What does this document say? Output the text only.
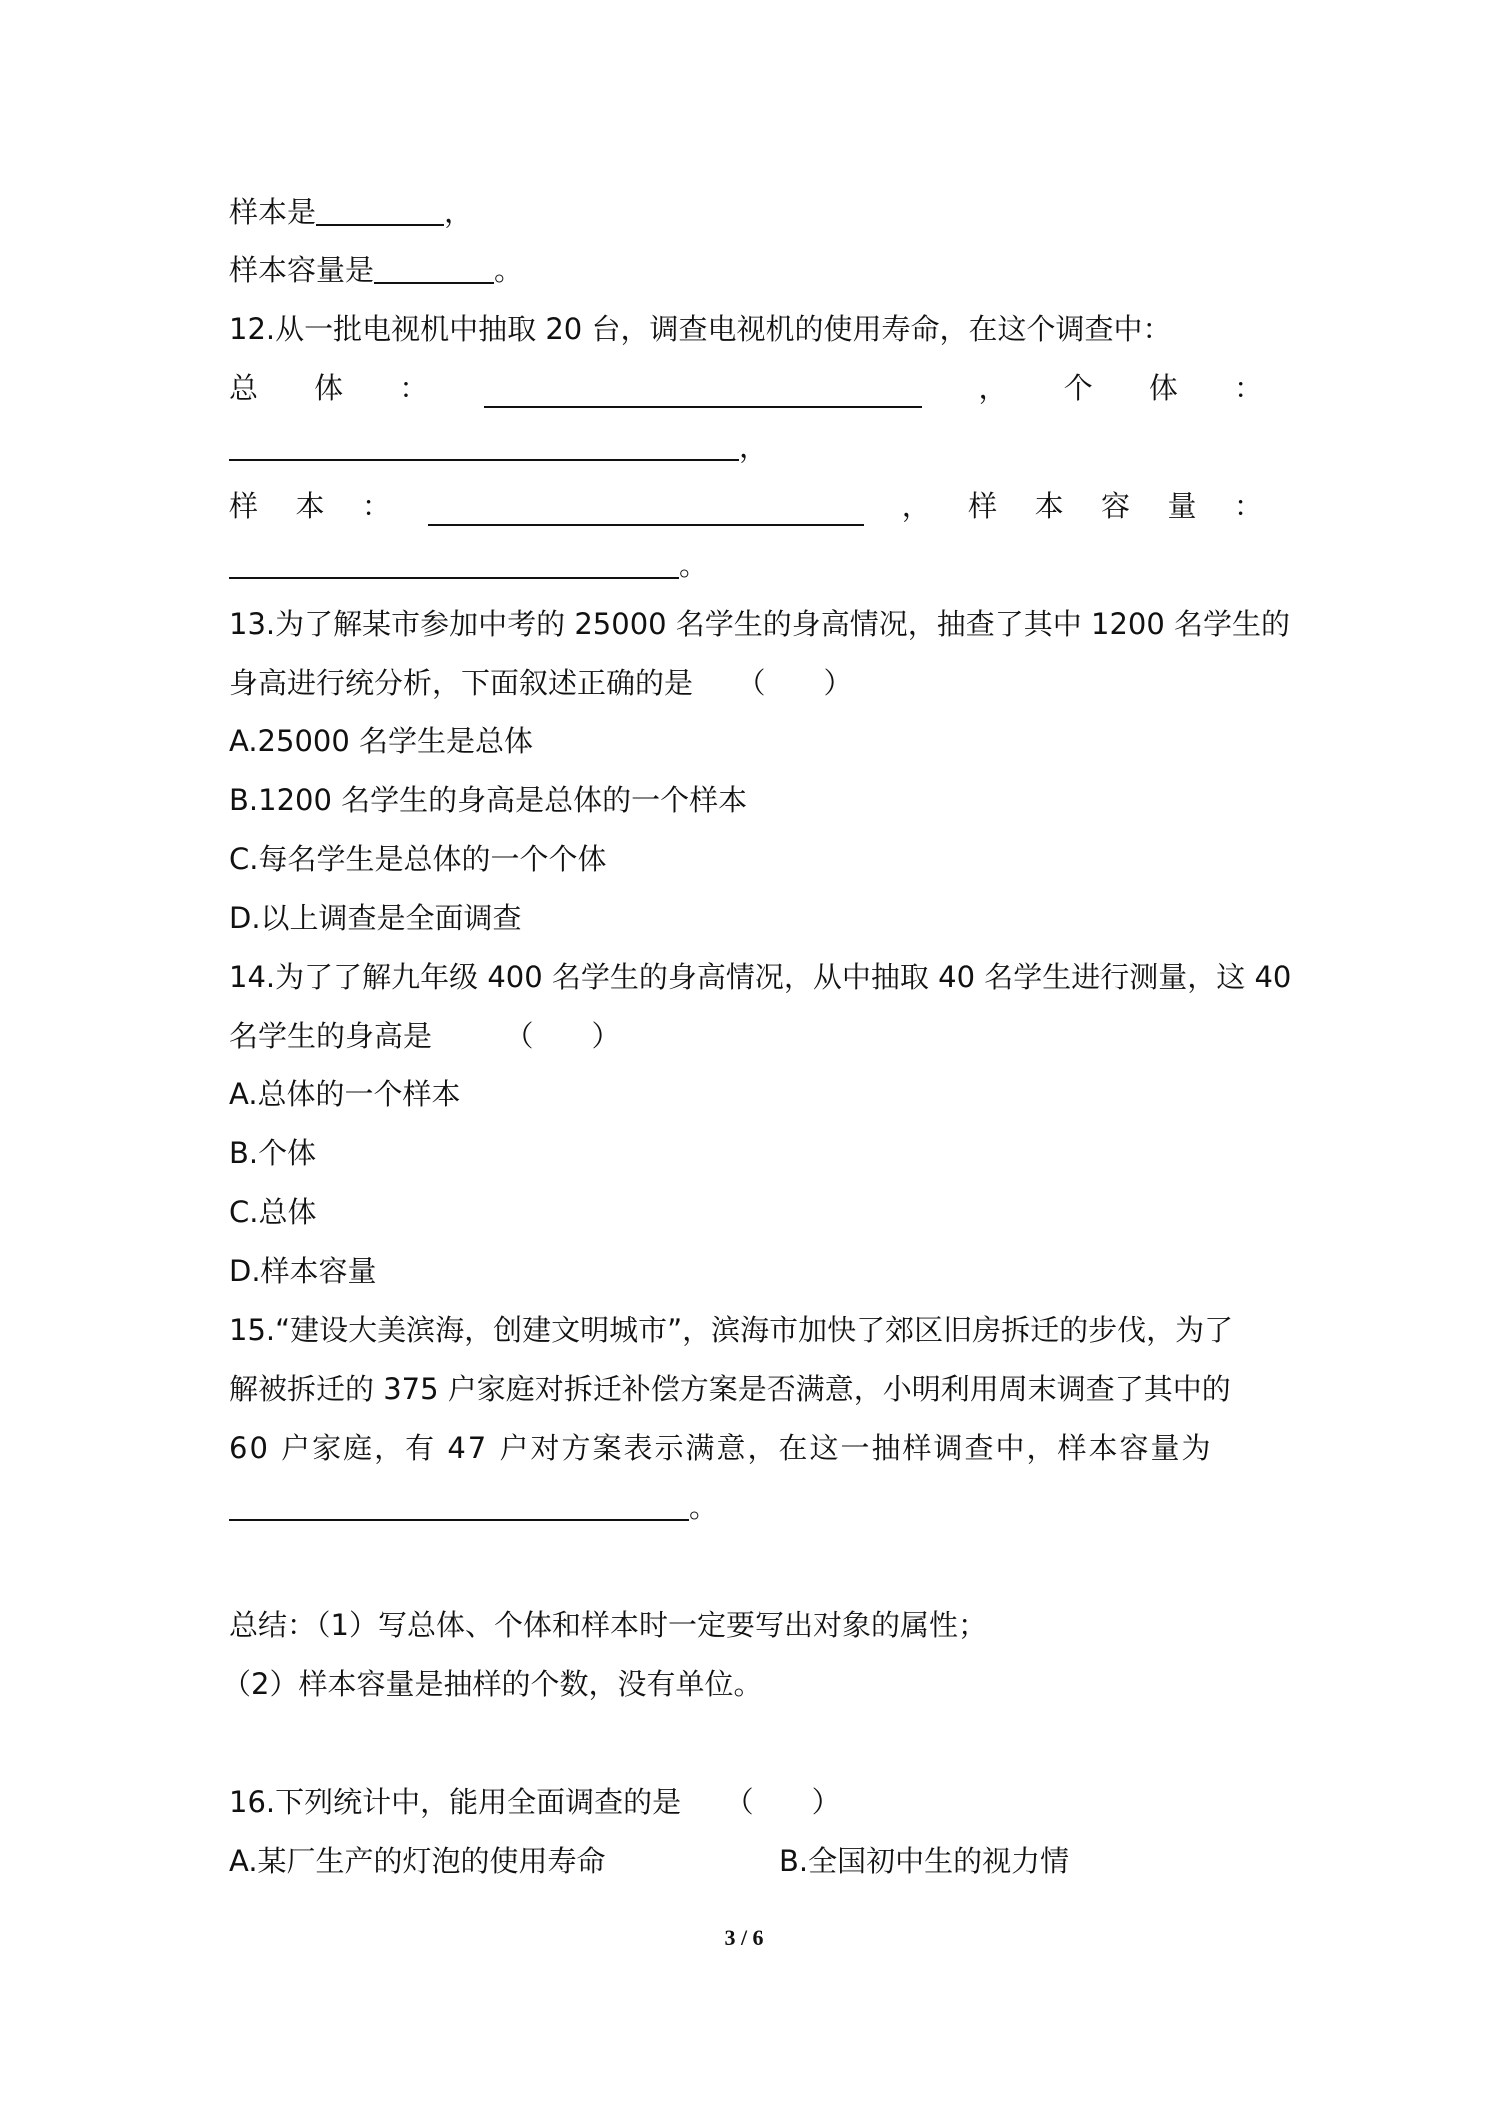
样本是	，
样本容量是	。
12.从一批电视机中抽取 20 台，调查电视机的使用寿命，在这个调查中：
总 体 ：	， 个 体 ：
，
样 本 ：	， 样 本 容 量 ：
。
13.为了解某市参加中考的 25000 名学生的身高情况，抽查了其中 1200 名学生的
身高进行统分析，下面叙述正确的是　　（　　）
A.25000 名学生是总体
B.1200 名学生的身高是总体的一个样本
C.每名学生是总体的一个个体
D.以上调查是全面调查
14.为了了解九年级 400 名学生的身高情况，从中抽取 40 名学生进行测量，这 40
名学生的身高是　　　（　　）
A.总体的一个样本
B.个体
C.总体
D.样本容量
15.“建设大美滨海，创建文明城市”，滨海市加快了郊区旧房拆迁的步伐，为了
解被拆迁的 375 户家庭对拆迁补偿方案是否满意，小明利用周末调查了其中的
60 户家庭，有 47 户对方案表示满意，在这一抽样调查中，样本容量为
。
总结：（1）写总体、个体和样本时一定要写出对象的属性；
（2）样本容量是抽样的个数，没有单位。
16.下列统计中，能用全面调查的是　　（　　）
A.某厂生产的灯泡的使用寿命	B.全国初中生的视力情
3 / 6
